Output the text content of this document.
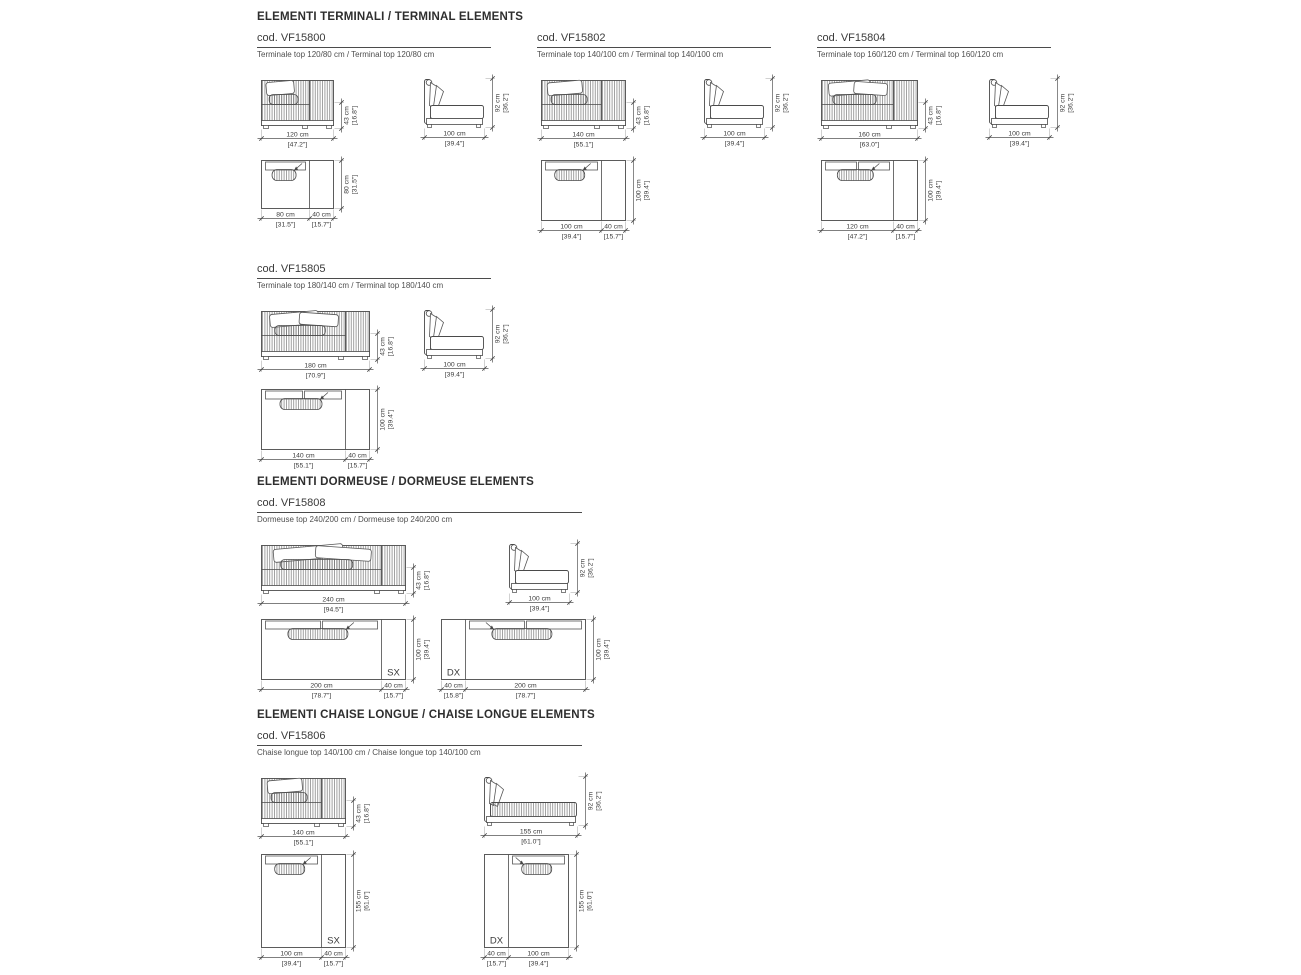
ELEMENTI TERMINALI / TERMINAL ELEMENTS
cod. VF15800
Terminale top 120/80 cm / Terminal top 120/80 cm
120 cm
[47.2"]
43 cm [16.8"]
100 cm
[39.4"]
92 cm [36.2"]
80 cm
[31.5"]
40 cm
[15.7"]
80 cm [31.5"]
cod. VF15802
Terminale top 140/100 cm / Terminal top 140/100 cm
140 cm
[55.1"]
43 cm [16.8"]
100 cm
[39.4"]
92 cm [36.2"]
100 cm
[39.4"]
40 cm
[15.7"]
100 cm [39.4"]
cod. VF15804
Terminale top 160/120 cm / Terminal top 160/120 cm
160 cm
[63.0"]
43 cm [16.8"]
100 cm
[39.4"]
92 cm [36.2"]
120 cm
[47.2"]
40 cm
[15.7"]
100 cm [39.4"]
cod. VF15805
Terminale top 180/140 cm / Terminal top 180/140 cm
180 cm
[70.9"]
43 cm [16.8"]
100 cm
[39.4"]
92 cm [36.2"]
140 cm
[55.1"]
40 cm
[15.7"]
100 cm [39.4"]
ELEMENTI DORMEUSE / DORMEUSE ELEMENTS
cod. VF15808
Dormeuse top 240/200 cm / Dormeuse top 240/200 cm
240 cm
[94.5"]
43 cm [16.8"]
100 cm
[39.4"]
92 cm [36.2"]
SX
200 cm
[78.7"]
40 cm
[15.7"]
100 cm [39.4"]
DX
40 cm
[15.8"]
200 cm
[78.7"]
100 cm [39.4"]
ELEMENTI CHAISE LONGUE / CHAISE LONGUE ELEMENTS
cod. VF15806
Chaise longue top 140/100 cm / Chaise longue top 140/100 cm
140 cm
[55.1"]
43 cm [16.8"]
155 cm
[61.0"]
92 cm [36.2"]
SX
100 cm
[39.4"]
40 cm
[15.7"]
155 cm [61.0"]
DX
40 cm
[15.7"]
100 cm
[39.4"]
155 cm [61.0"]
